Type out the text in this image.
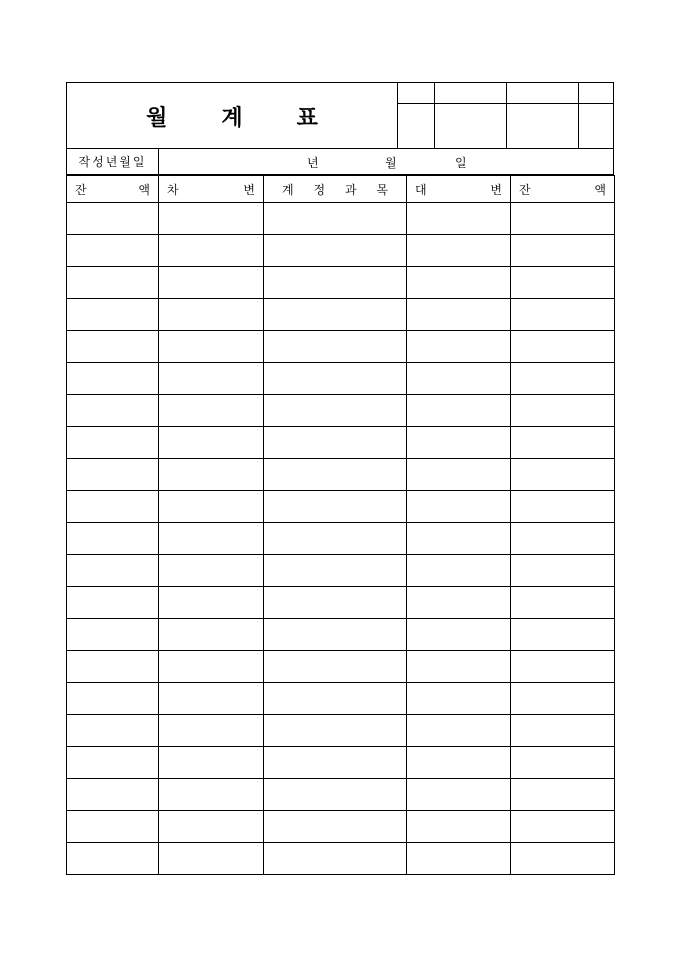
월 계 표

작성년월일	년	월	일
잔 액	차 변	계 정 과 목	대 변	잔 액
